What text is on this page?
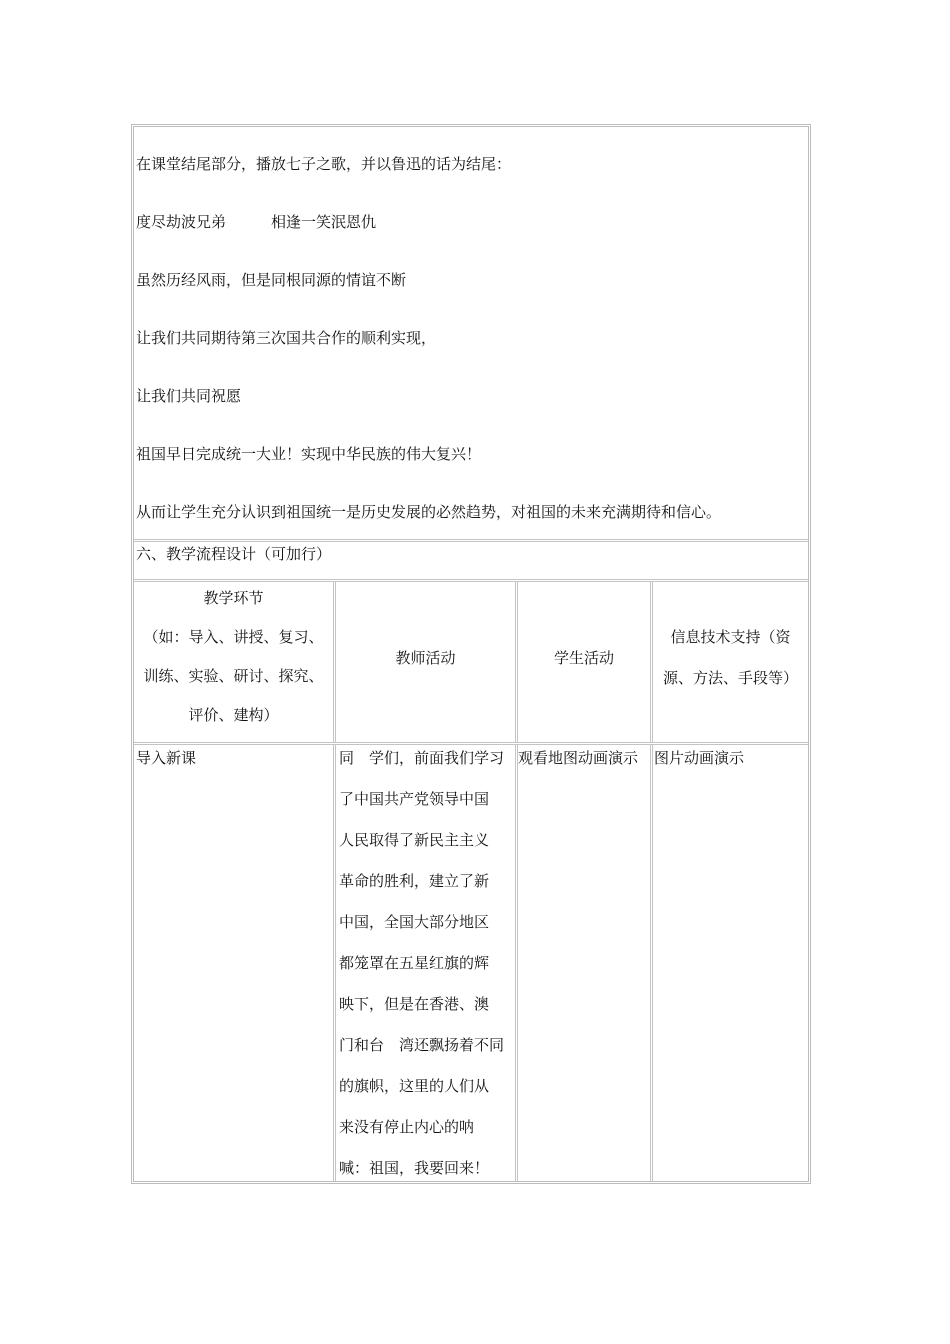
在课堂结尾部分，播放七子之歌，并以鲁迅的话为结尾：
度尽劫波兄弟　　　相逢一笑泯恩仇
虽然历经风雨，但是同根同源的情谊不断
让我们共同期待第三次国共合作的顺利实现，
让我们共同祝愿
祖国早日完成统一大业！实现中华民族的伟大复兴！
从而让学生充分认识到祖国统一是历史发展的必然趋势，对祖国的未来充满期待和信心。
六、教学流程设计（可加行）
教学环节
（如：导入、讲授、复习、
训练、实验、研讨、探究、
评价、建构）
教师活动	学生活动
信息技术支持（资
源、方法、手段等）
导入新课	同　学们，前面我们学习
了中国共产党领导中国
人民取得了新民主主义
革命的胜利，建立了新
中国，全国大部分地区
都笼罩在五星红旗的辉
映下，但是在香港、澳
门和台　湾还飘扬着不同
的旗帜，这里的人们从
来没有停止内心的呐
喊：祖国，我要回来！
观看地图动画演示 图片动画演示
